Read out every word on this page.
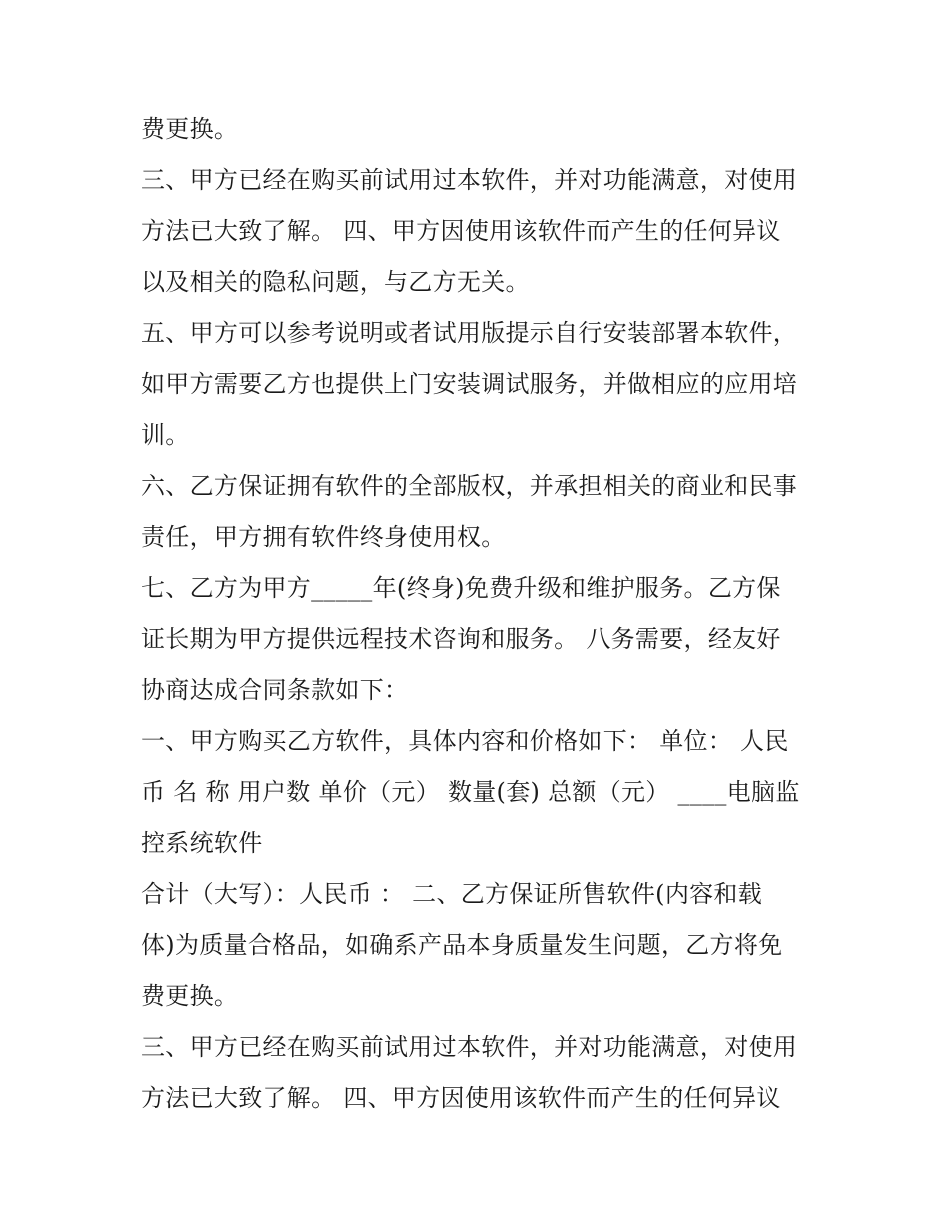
费更换。
三、甲方已经在购买前试用过本软件，并对功能满意，对使用
方法已大致了解。 四、甲方因使用该软件而产生的任何异议
以及相关的隐私问题，与乙方无关。
五、甲方可以参考说明或者试用版提示自行安装部署本软件，
如甲方需要乙方也提供上门安装调试服务，并做相应的应用培
训。
六、乙方保证拥有软件的全部版权，并承担相关的商业和民事
责任，甲方拥有软件终身使用权。
七、乙方为甲方_____年(终身)免费升级和维护服务。乙方保
证长期为甲方提供远程技术咨询和服务。 八务需要，经友好
协商达成合同条款如下：
一、甲方购买乙方软件，具体内容和价格如下： 单位： 人民
币 名 称 用户数 单价（元） 数量(套) 总额（元） ____电脑监
控系统软件
合计（大写）：人民币 ： 二、乙方保证所售软件(内容和载
体)为质量合格品，如确系产品本身质量发生问题，乙方将免
费更换。
三、甲方已经在购买前试用过本软件，并对功能满意，对使用
方法已大致了解。 四、甲方因使用该软件而产生的任何异议
